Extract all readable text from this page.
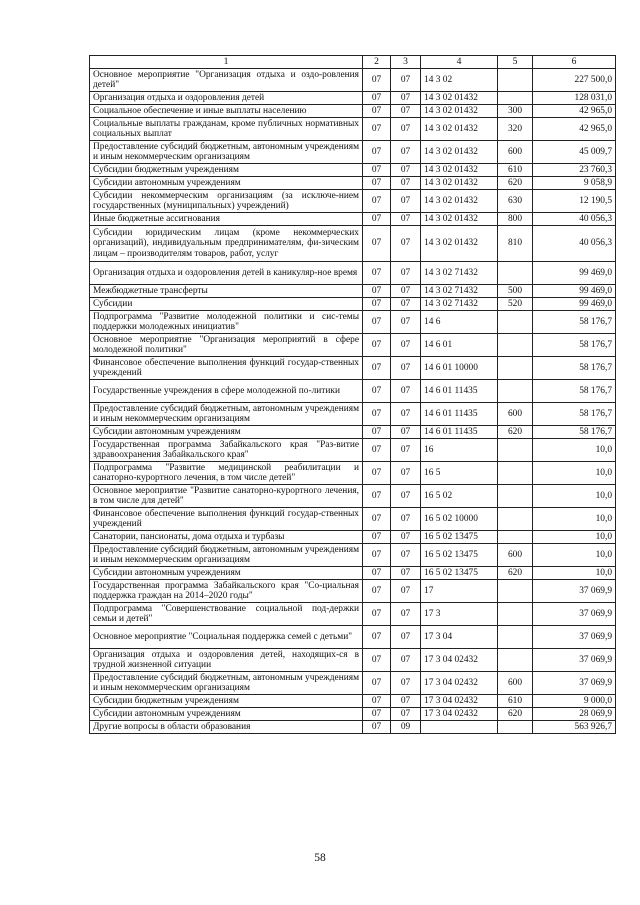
1	2	3	4	5	6
Основное мероприятие "Организация отдыха и оздо-ровления детей"	07	07	14 3 02		227 500,0
Организация отдыха и оздоровления детей	07	07	14 3 02 01432		128 031,0
Социальное обеспечение и иные выплаты населению	07	07	14 3 02 01432	300	42 965,0
Социальные выплаты гражданам, кроме публичных нормативных социальных выплат	07	07	14 3 02 01432	320	42 965,0
Предоставление субсидий бюджетным, автономным учреждениям и иным некоммерческим организациям	07	07	14 3 02 01432	600	45 009,7
Субсидии бюджетным учреждениям	07	07	14 3 02 01432	610	23 760,3
Субсидии автономным учреждениям	07	07	14 3 02 01432	620	9 058,9
Субсидии некоммерческим организациям (за исключе-нием государственных (муниципальных) учреждений)	07	07	14 3 02 01432	630	12 190,5
Иные бюджетные ассигнования	07	07	14 3 02 01432	800	40 056,3
Субсидии юридическим лицам (кроме некоммерческих организаций), индивидуальным предпринимателям, фи-зическим лицам – производителям товаров, работ, услуг	07	07	14 3 02 01432	810	40 056,3
Организация отдыха и оздоровления детей в каникуляр-ное время	07	07	14 3 02 71432		99 469,0
Межбюджетные трансферты	07	07	14 3 02 71432	500	99 469,0
Субсидии	07	07	14 3 02 71432	520	99 469,0
Подпрограмма "Развитие молодежной политики и сис-темы поддержки молодежных инициатив"	07	07	14 6		58 176,7
Основное мероприятие "Организация мероприятий в сфере молодежной политики"	07	07	14 6 01		58 176,7
Финансовое обеспечение выполнения функций государ-ственных учреждений	07	07	14 6 01 10000		58 176,7
Государственные учреждения в сфере молодежной по-литики	07	07	14 6 01 11435		58 176,7
Предоставление субсидий бюджетным, автономным учреждениям и иным некоммерческим организациям	07	07	14 6 01 11435	600	58 176,7
Субсидии автономным учреждениям	07	07	14 6 01 11435	620	58 176,7
Государственная программа Забайкальского края "Раз-витие здравоохранения Забайкальского края"	07	07	16		10,0
Подпрограмма "Развитие медицинской реабилитации и санаторно-курортного лечения, в том числе детей"	07	07	16 5		10,0
Основное мероприятие "Развитие санаторно-курортного лечения, в том числе для детей"	07	07	16 5 02		10,0
Финансовое обеспечение выполнения функций государ-ственных учреждений	07	07	16 5 02 10000		10,0
Санатории, пансионаты, дома отдыха и турбазы	07	07	16 5 02 13475		10,0
Предоставление субсидий бюджетным, автономным учреждениям и иным некоммерческим организациям	07	07	16 5 02 13475	600	10,0
Субсидии автономным учреждениям	07	07	16 5 02 13475	620	10,0
Государственная программа Забайкальского края "Со-циальная поддержка граждан на 2014–2020 годы"	07	07	17		37 069,9
Подпрограмма "Совершенствование социальной под-держки семьи и детей"	07	07	17 3		37 069,9
Основное мероприятие "Социальная поддержка семей с детьми"	07	07	17 3 04		37 069,9
Организация отдыха и оздоровления детей, находящих-ся в трудной жизненной ситуации	07	07	17 3 04 02432		37 069,9
Предоставление субсидий бюджетным, автономным учреждениям и иным некоммерческим организациям	07	07	17 3 04 02432	600	37 069,9
Субсидии бюджетным учреждениям	07	07	17 3 04 02432	610	9 000,0
Субсидии автономным учреждениям	07	07	17 3 04 02432	620	28 069,9
Другие вопросы в области образования	07	09			563 926,7
58
